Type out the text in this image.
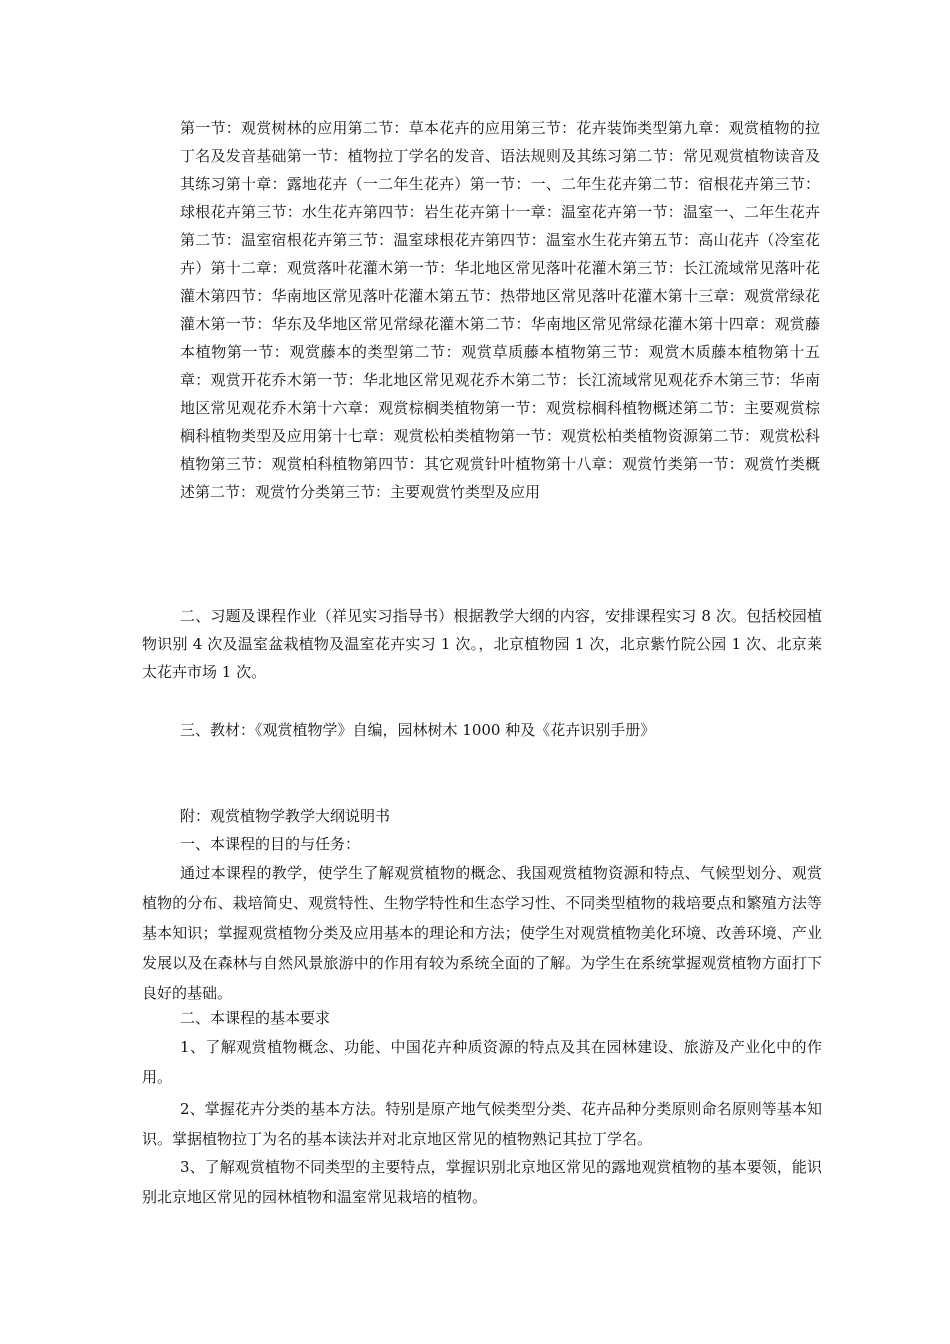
第一节：观赏树林的应用第二节：草本花卉的应用第三节：花卉装饰类型第九章：观赏植物的拉丁名及发音基础第一节：植物拉丁学名的发音、语法规则及其练习第二节：常见观赏植物读音及其练习第十章：露地花卉（一二年生花卉）第一节：一、二年生花卉第二节：宿根花卉第三节：球根花卉第三节：水生花卉第四节：岩生花卉第十一章：温室花卉第一节：温室一、二年生花卉第二节：温室宿根花卉第三节：温室球根花卉第四节：温室水生花卉第五节：高山花卉（冷室花卉）第十二章：观赏落叶花灌木第一节：华北地区常见落叶花灌木第三节：长江流域常见落叶花灌木第四节：华南地区常见落叶花灌木第五节：热带地区常见落叶花灌木第十三章：观赏常绿花灌木第一节：华东及华地区常见常绿花灌木第二节：华南地区常见常绿花灌木第十四章：观赏藤本植物第一节：观赏藤本的类型第二节：观赏草质藤本植物第三节：观赏木质藤本植物第十五章：观赏开花乔木第一节：华北地区常见观花乔木第二节：长江流域常见观花乔木第三节：华南地区常见观花乔木第十六章：观赏棕榈类植物第一节：观赏棕榈科植物概述第二节：主要观赏棕榈科植物类型及应用第十七章：观赏松柏类植物第一节：观赏松柏类植物资源第二节：观赏松科植物第三节：观赏柏科植物第四节：其它观赏针叶植物第十八章：观赏竹类第一节：观赏竹类概述第二节：观赏竹分类第三节：主要观赏竹类型及应用

二、习题及课程作业（祥见实习指导书）根据教学大纲的内容，安排课程实习 8 次。包括校园植物识别 4 次及温室盆栽植物及温室花卉实习 1 次。，北京植物园 1 次，北京紫竹院公园 1 次、北京莱太花卉市场 1 次。

三、教材：《观赏植物学》自编，园林树木 1000 种及《花卉识别手册》

附：观赏植物学教学大纲说明书

一、本课程的目的与任务：

通过本课程的教学，使学生了解观赏植物的概念、我国观赏植物资源和特点、气候型划分、观赏植物的分布、栽培简史、观赏特性、生物学特性和生态学习性、不同类型植物的栽培要点和繁殖方法等基本知识；掌握观赏植物分类及应用基本的理论和方法；使学生对观赏植物美化环境、改善环境、产业发展以及在森林与自然风景旅游中的作用有较为系统全面的了解。为学生在系统掌握观赏植物方面打下良好的基础。

二、本课程的基本要求

1、了解观赏植物概念、功能、中国花卉种质资源的特点及其在园林建设、旅游及产业化中的作用。

2、掌握花卉分类的基本方法。特别是原产地气候类型分类、花卉品种分类原则命名原则等基本知识。掌据植物拉丁为名的基本读法并对北京地区常见的植物熟记其拉丁学名。

3、了解观赏植物不同类型的主要特点，掌握识别北京地区常见的露地观赏植物的基本要领，能识别北京地区常见的园林植物和温室常见栽培的植物。
